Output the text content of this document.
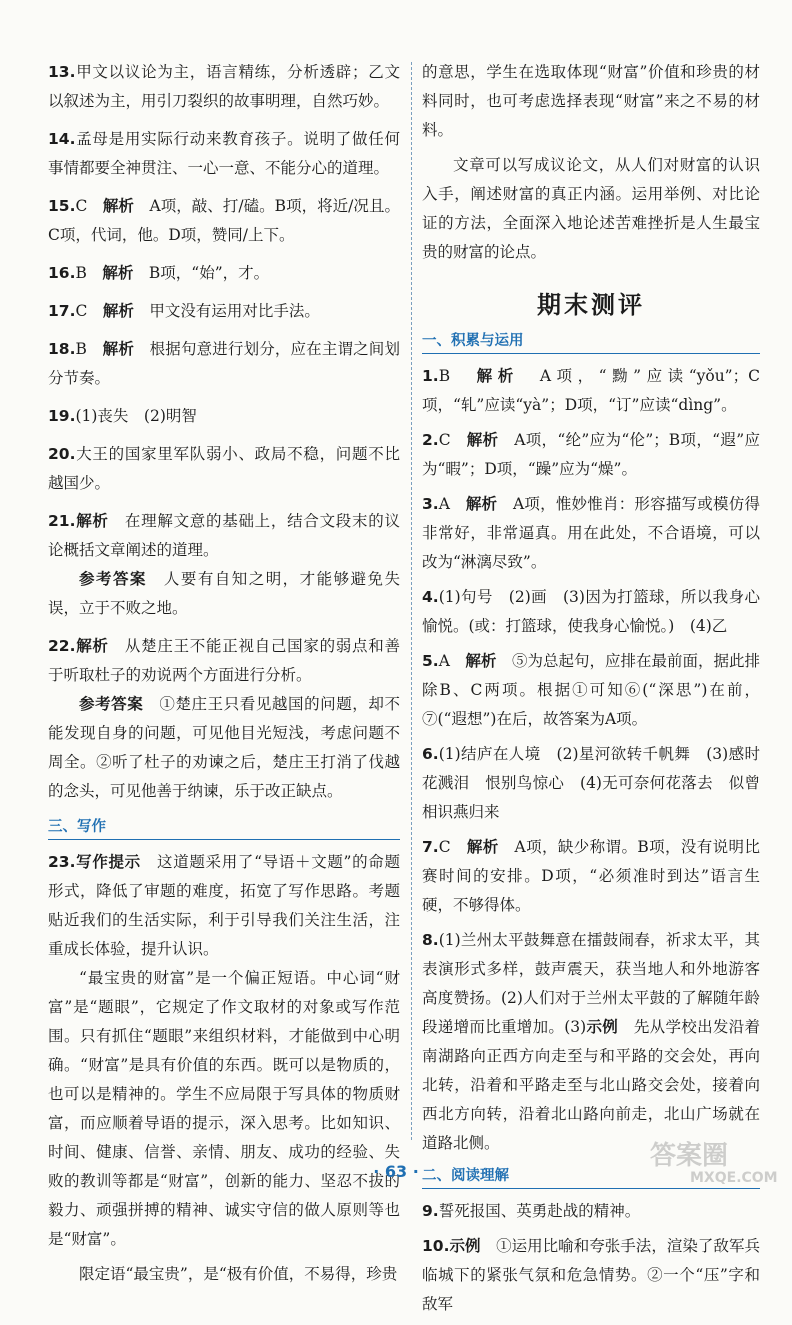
13.甲文以议论为主，语言精练，分析透辟；乙文以叙述为主，用引刀裂织的故事明理，自然巧妙。
14.孟母是用实际行动来教育孩子。说明了做任何事情都要全神贯注、一心一意、不能分心的道理。
15.C　 解析　 A项，敲、打/磕。B项，将近/况且。C项，代词，他。D项，赞同/上下。
16.B　 解析　 B项，“始”，才。
17.C　 解析　 甲文没有运用对比手法。
18.B　 解析　 根据句意进行划分，应在主谓之间划分节奏。
19.(1)丧失　(2)明智
20.大王的国家里军队弱小、政局不稳，问题不比越国少。
21.解析　 在理解文意的基础上，结合文段末的议论概括文章阐述的道理。
参考答案　 人要有自知之明，才能够避免失误，立于不败之地。
22.解析　 从楚庄王不能正视自己国家的弱点和善于听取杜子的劝说两个方面进行分析。
参考答案　 ①楚庄王只看见越国的问题，却不能发现自身的问题，可见他目光短浅，考虑问题不周全。②听了杜子的劝谏之后，楚庄王打消了伐越的念头，可见他善于纳谏，乐于改正缺点。
三、写作
23.写作提示　 这道题采用了“导语＋文题”的命题形式，降低了审题的难度，拓宽了写作思路。考题贴近我们的生活实际，利于引导我们关注生活，注重成长体验，提升认识。
“最宝贵的财富”是一个偏正短语。中心词“财富”是“题眼”，它规定了作文取材的对象或写作范围。只有抓住“题眼”来组织材料，才能做到中心明确。“财富”是具有价值的东西。既可以是物质的，也可以是精神的。学生不应局限于写具体的物质财富，而应顺着导语的提示，深入思考。比如知识、时间、健康、信誉、亲情、朋友、成功的经验、失败的教训等都是“财富”，创新的能力、坚忍不拔的毅力、顽强拼搏的精神、诚实守信的做人原则等也是“财富”。
限定语“最宝贵”，是“极有价值，不易得，珍贵
的意思，学生在选取体现“财富”价值和珍贵的材料同时，也可考虑选择表现“财富”来之不易的材料。
文章可以写成议论文，从人们对财富的认识入手，阐述财富的真正内涵。运用举例、对比论证的方法，全面深入地论述苦难挫折是人生最宝贵的财富的论点。
期末测评
一、积累与运用
1.B　 解析　 A项，“黝”应读“yǒu”；C项，“轧”应读“yà”；D项，“订”应读“dìng”。
2.C　 解析　 A项，“纶”应为“伦”；B项，“遐”应为“暇”；D项，“躁”应为“燥”。
3.A　 解析　 A项，惟妙惟肖：形容描写或模仿得非常好，非常逼真。用在此处，不合语境，可以改为“淋漓尽致”。
4.(1)句号　(2)画　(3)因为打篮球，所以我身心愉悦。(或：打篮球，使我身心愉悦。)　(4)乙
5.A　 解析　 ⑤为总起句，应排在最前面，据此排除B、C两项。根据①可知⑥(“深思”)在前，⑦(“遐想”)在后，故答案为A项。
6.(1)结庐在人境　(2)星河欲转千帆舞　(3)感时花溅泪　恨别鸟惊心　(4)无可奈何花落去　似曾相识燕归来
7.C　 解析　 A项，缺少称谓。B项，没有说明比赛时间的安排。D项，“必须准时到达”语言生硬，不够得体。
8.(1)兰州太平鼓舞意在擂鼓闹春，祈求太平，其表演形式多样，鼓声震天，获当地人和外地游客高度赞扬。(2)人们对于兰州太平鼓的了解随年龄段递增而比重增加。(3)示例　 先从学校出发沿着南湖路向正西方向走至与和平路的交会处，再向北转，沿着和平路走至与北山路交会处，接着向西北方向转，沿着北山路向前走，北山广场就在道路北侧。
二、阅读理解
9.誓死报国、英勇赴战的精神。
10.示例　 ①运用比喻和夸张手法，渲染了敌军兵临城下的紧张气氛和危急情势。②一个“压”字和敌军
· 63 ·
答案圈
MXQE.COM
